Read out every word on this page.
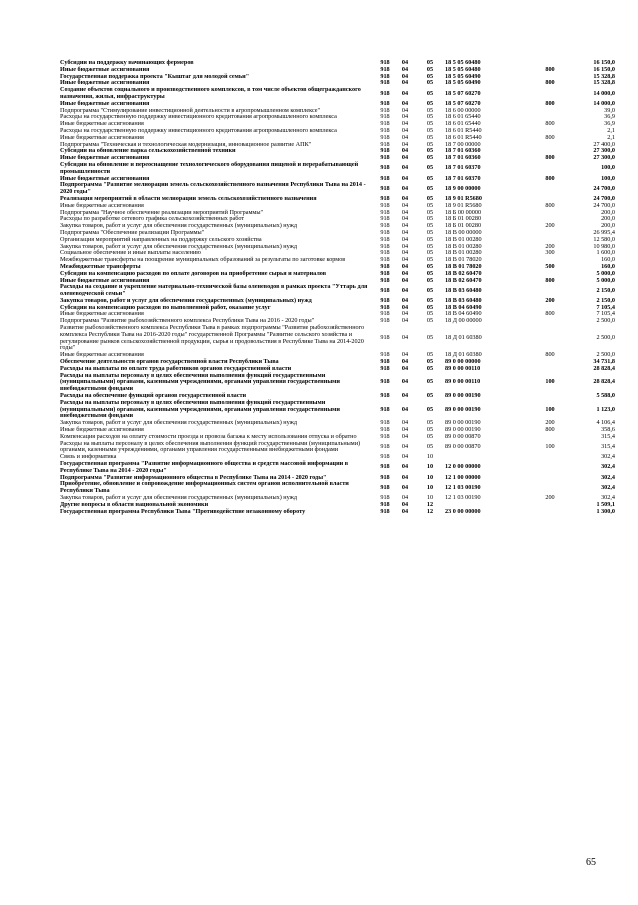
Субсидии на поддержку начинающих фермеров	918	04	05	18 5 05 60480		16 150,0
Иные бюджетные ассигнования	918	04	05	18 5 05 60480	800	16 150,0
Государственная поддержка проекта "Кыштаг для молодой семьи"	918	04	05	18 5 05 60490		15 328,8
Иные бюджетные ассигнования	918	04	05	18 5 05 60490	800	15 328,8
Создание объектов социального и производственного комплексов, в том числе объектов общегражданского назначения, жилья, инфраструктуры	918	04	05	18 5 07 60270		14 000,0
Иные бюджетные ассигнования	918	04	05	18 5 07 60270	800	14 000,0
Подпрограмма "Стимулирование инвестиционной деятельности в агропромышленном комплексе"	918	04	05	18 6 00 00000		39,0
Расходы на государственную поддержку инвестиционного кредитования агропромышленного комплекса	918	04	05	18 6 01 65440		36,9
Иные бюджетные ассигнования	918	04	05	18 6 01 65440	800	36,9
Расходы на государственную поддержку инвестиционного кредитования агропромышленного комплекса	918	04	05	18 6 01 R5440		2,1
Иные бюджетные ассигнования	918	04	05	18 6 01 R5440	800	2,1
Подпрограмма "Техническая и технологическая модернизация, инновационное развитие АПК"	918	04	05	18 7 00 00000		27 400,0
Субсидии на обновление парка сельскохозяйственной техники	918	04	05	18 7 01 60360		27 300,0
Иные бюджетные ассигнования	918	04	05	18 7 01 60360	800	27 300,0
Субсидии на обновление и переоснащение технологического оборудования пищевой и перерабатывающей промышленности	918	04	05	18 7 01 60370		100,0
Иные бюджетные ассигнования	918	04	05	18 7 01 60370	800	100,0
Подпрограмма "Развитие мелиорации земель сельскохозяйственного назначения Республики Тыва на 2014 - 2020 годы"	918	04	05	18 9 00 00000		24 700,0
Реализация мероприятий в области мелиорации земель сельскохозяйственного назначения	918	04	05	18 9 01 R5680		24 700,0
Иные бюджетные ассигнования	918	04	05	18 9 01 R5680	800	24 700,0
Подпрограмма "Научное обеспечение реализации мероприятий Программы"	918	04	05	18 Б 00 00000		200,0
Расходы по разработке сетевого графика сельскохозяйственных работ	918	04	05	18 Б 01 00280		200,0
Закупка товаров, работ и услуг для обеспечения государственных (муниципальных) нужд	918	04	05	18 Б 01 00280	200	200,0
Подпрограмма "Обеспечение реализации Программы"	918	04	05	18 В 00 00000		26 995,4
Организация мероприятий направленных на поддержку сельского хозяйства	918	04	05	18 В 01 00280		12 580,0
Закупка товаров, работ и услуг для обеспечения государственных (муниципальных) нужд	918	04	05	18 В 01 00280	200	10 980,0
Социальное обеспечение и иные выплаты населению	918	04	05	18 В 01 00280	300	1 600,0
Межбюджетные трансферты на поощрение муниципальных образований за результаты по заготовке кормов	918	04	05	18 В 01 78020		160,0
Межбюджетные трансферты	918	04	05	18 В 01 78020	500	160,0
Субсидии на компенсацию расходов по оплате договоров на приобретение сырья и материалов	918	04	05	18 В 02 60470		5 000,0
Иные бюджетные ассигнования	918	04	05	18 В 02 60470	800	5 000,0
Расходы на создание и укрепление материально-технической базы оленеводов в рамках проекта "Уттарь для оленеводческой семьи"	918	04	05	18 В 03 60480		2 150,0
Закупка товаров, работ и услуг для обеспечения государственных (муниципальных) нужд	918	04	05	18 В 03 60480	200	2 150,0
Субсидии на компенсацию расходов по выполненной работ, оказание услуг	918	04	05	18 В 04 60490		7 105,4
Иные бюджетные ассигнования	918	04	05	18 В 04 60490	800	7 105,4
Подпрограмма "Развитие рыбохозяйственного комплекса Республики Тыва на 2016 - 2020 годы"	918	04	05	18 Д 00 00000		2 500,0
Развитие рыбохозяйственного комплекса Республики Тыва в рамках подпрограммы "Развитие рыбохозяйственного комплекса Республики Тыва на 2016-2020 годы" государственной Программы "Развитие сельского хозяйства и регулирование рынков сельскохозяйственной продукции, сырья и продовольствия в Республике Тыва на 2014-2020 годы"	918	04	05	18 Д 01 60380		2 500,0
Иные бюджетные ассигнования	918	04	05	18 Д 01 60380	800	2 500,0
Обеспечение деятельности органов государственной власти Республики Тыва	918	04	05	89 0 00 00000		34 731,8
Расходы на выплаты по оплате труда работников органов государственной власти	918	04	05	89 0 00 00110		28 828,4
Расходы на выплаты персоналу в целях обеспечения выполнения функций государственными (муниципальными) органами, казенными учреждениями, органами управления государственными внебюджетными фондами	918	04	05	89 0 00 00110	100	28 828,4
Расходы на обеспечение функций органов государственной власти	918	04	05	89 0 00 00190		5 588,0
Расходы на выплаты персоналу в целях обеспечения выполнения функций государственными (муниципальными) органами, казенными учреждениями, органами управления государственными внебюджетными фондами	918	04	05	89 0 00 00190	100	1 123,0
Закупка товаров, работ и услуг для обеспечения государственных (муниципальных) нужд	918	04	05	89 0 00 00190	200	4 106,4
Иные бюджетные ассигнования	918	04	05	89 0 00 00190	800	358,6
Компенсация расходов на оплату стоимости проезда и провоза багажа к месту использования отпуска и обратно	918	04	05	89 0 00 00870		315,4
Расходы на выплаты персоналу в целях обеспечения выполнения функций государственными (муниципальными) органами, казенными учреждениями, органами управления государственными внебюджетными фондами	918	04	05	89 0 00 00870	100	315,4
Связь и информатика	918	04	10			302,4
Государственная программа "Развитие информационного общества и средств массовой информации в Республике Тыва на 2014 - 2020 годы"	918	04	10	12 0 00 00000		302,4
Подпрограмма "Развитие информационного общества в Республике Тыва на 2014 - 2020 годы"	918	04	10	12 1 00 00000		302,4
Приобретение, обновление и сопровождение информационных систем органов исполнительной власти Республики Тыва	918	04	10	12 1 03 00190		302,4
Закупка товаров, работ и услуг для обеспечения государственных (муниципальных) нужд	918	04	10	12 1 03 00190	200	302,4
Другие вопросы в области национальной экономики	918	04	12			1 509,1
Государственная программа Республики Тыва "Противодействие незаконному обороту	918	04	12	23 0 00 00000		1 300,0
65
